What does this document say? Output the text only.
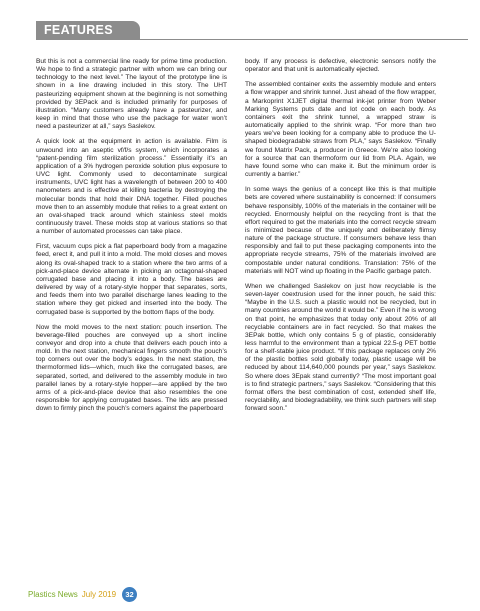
FEATURES

But this is not a commercial line ready for prime time production. We hope to find a strategic partner with whom we can bring our technology to the next level.” The layout of the prototype line is shown in a line drawing included in this story. The UHT pasteurizing equipment shown at the beginning is not something provided by 3EPack and is included primarily for purposes of illustration. “Many customers already have a pasteurizer, and keep in mind that those who use the package for water won’t need a pasteurizer at all,” says Saslekov.

A quick look at the equipment in action is available. Film is unwound into an aseptic vf/f/s system, which incorporates a “patent-pending film sterilization process.” Essentially it’s an application of a 3% hydrogen peroxide solution plus exposure to UVC light. Commonly used to decontaminate surgical instruments, UVC light has a wavelength of between 200 to 400 nanometers and is effective at killing bacteria by destroying the molecular bonds that hold their DNA together. Filled pouches move then to an assembly module that relies to a great extent on an oval-shaped track around which stainless steel molds continuously travel. These molds stop at various stations so that a number of automated processes can take place.

First, vacuum cups pick a flat paperboard body from a magazine feed, erect it, and pull it into a mold. The mold closes and moves along its oval-shaped track to a station where the two arms of a pick-and-place device alternate in picking an octagonal-shaped corrugated base and placing it into a body. The bases are delivered by way of a rotary-style hopper that separates, sorts, and feeds them into two parallel discharge lanes leading to the station where they get picked and inserted into the body. The corrugated base is supported by the bottom flaps of the body.

Now the mold moves to the next station: pouch insertion. The beverage-filled pouches are conveyed up a short incline conveyor and drop into a chute that delivers each pouch into a mold. In the next station, mechanical fingers smooth the pouch’s top corners out over the body’s edges. In the next station, the thermoformed lids—which, much like the corrugated bases, are separated, sorted, and delivered to the assembly module in two parallel lanes by a rotary-style hopper—are applied by the two arms of a pick-and-place device that also resembles the one responsible for applying corrugated bases. The lids are pressed down to firmly pinch the pouch’s corners against the paperboard

body. If any process is defective, electronic sensors notify the operator and that unit is automatically ejected.

The assembled container exits the assembly module and enters a flow wrapper and shrink tunnel. Just ahead of the flow wrapper, a Markoprint X1JET digital thermal ink-jet printer from Weber Marking Systems puts date and lot code on each body. As containers exit the shrink tunnel, a wrapped straw is automatically applied to the shrink wrap. “For more than two years we’ve been looking for a company able to produce the U-shaped biodegradable straws from PLA,” says Saslekov. “Finally we found Matrix Pack, a producer in Greece. We’re also looking for a source that can thermoform our lid from PLA. Again, we have found some who can make it. But the minimum order is currently a barrier.”

In some ways the genius of a concept like this is that multiple bets are covered where sustainability is concerned: If consumers behave responsibly, 100% of the materials in the container will be recycled. Enormously helpful on the recycling front is that the effort required to get the materials into the correct recycle stream is minimized because of the uniquely and deliberately flimsy nature of the package structure. If consumers behave less than responsibly and fail to put these packaging components into the appropriate recycle streams, 75% of the materials involved are compostable under natural conditions. Translation: 75% of the materials will NOT wind up floating in the Pacific garbage patch.

When we challenged Saslekov on just how recyclable is the seven-layer coextrusion used for the inner pouch, he said this: “Maybe in the U.S. such a plastic would not be recycled, but in many countries around the world it would be.” Even if he is wrong on that point, he emphasizes that today only about 20% of all recyclable containers are in fact recycled. So that makes the 3EPak bottle, which only contains 5 g of plastic, considerably less harmful to the environment than a typical 22.5-g PET bottle for a shelf-stable juice product. “If this package replaces only 2% of the plastic bottles sold globally today, plastic usage will be reduced by about 114,640,000 pounds per year,” says Saslekov. So where does 3Epak stand currently? “The most important goal is to find strategic partners,” says Saslekov. “Considering that this format offers the best combination of cost, extended shelf life, recyclability, and biodegradability, we think such partners will step forward soon.”

Plastics News July 2019	32
